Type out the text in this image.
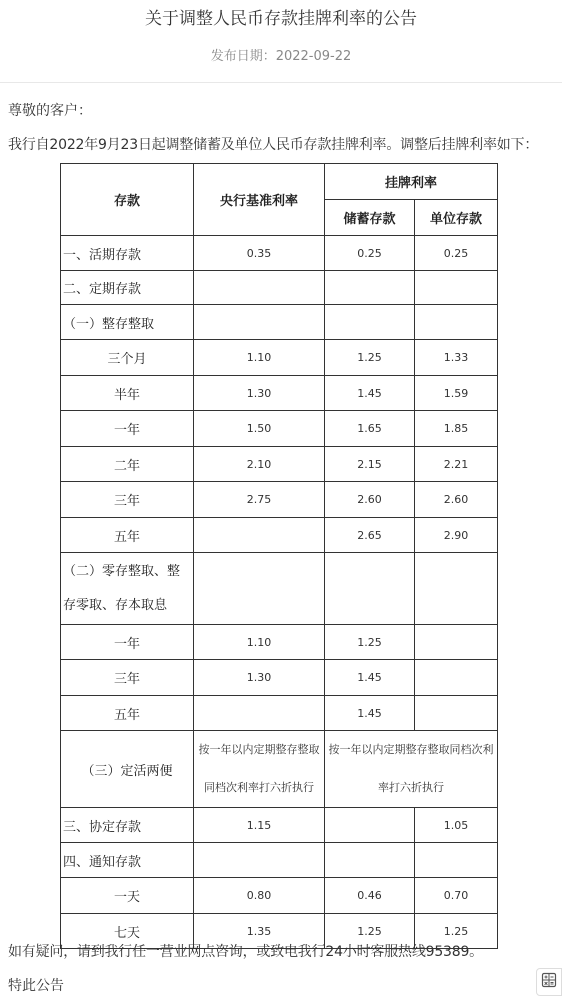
关于调整人民币存款挂牌利率的公告
发布日期：2022-09-22
尊敬的客户：
我行自2022年9月23日起调整储蓄及单位人民币存款挂牌利率。调整后挂牌利率如下：
存款	央行基准利率	挂牌利率	
		储蓄存款	单位存款
一、活期存款	0.35	0.25	0.25
二、定期存款			
（一）整存整取			
三个月	1.10	1.25	1.33
半年	1.30	1.45	1.59
一年	1.50	1.65	1.85
二年	2.10	2.15	2.21
三年	2.75	2.60	2.60
五年		2.65	2.90
（二）零存整取、整存零取、存本取息			
一年	1.10	1.25	
三年	1.30	1.45	
五年		1.45	
（三）定活两便	按一年以内定期整存整取同档次利率打六折执行	按一年以内定期整存整取同档次利率打六折执行	
三、协定存款	1.15		1.05
四、通知存款			
一天	0.80	0.46	0.70
七天	1.35	1.25	1.25
如有疑问，请到我行任一营业网点咨询，或致电我行24小时客服热线95389。
特此公告
